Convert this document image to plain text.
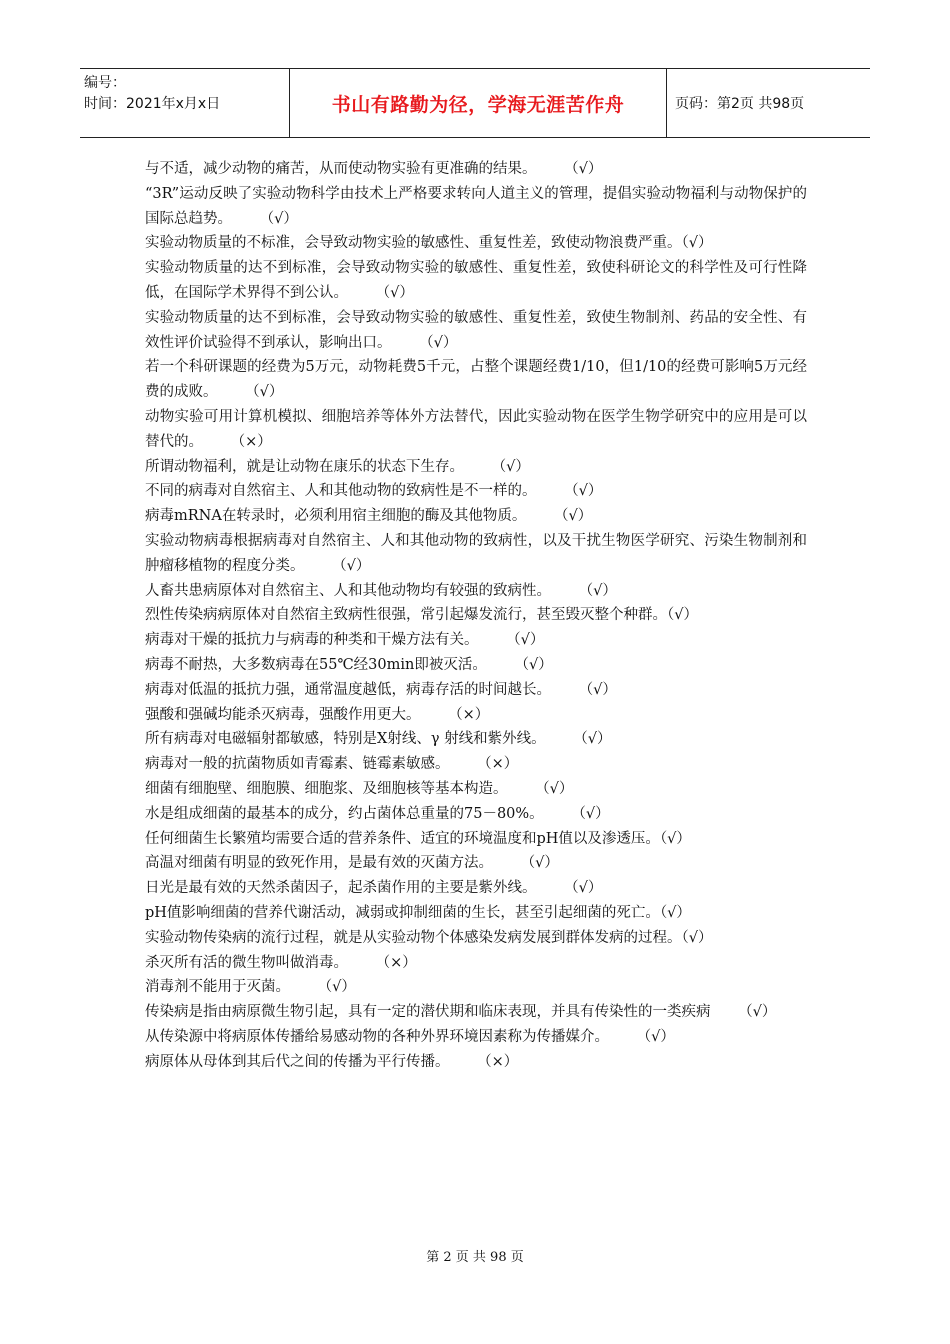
编号：
时间：2021年x月x日	书山有路勤为径，学海无涯苦作舟	页码：第2页 共98页

与不适，减少动物的痛苦，从而使动物实验有更准确的结果。      （√）

“3R”运动反映了实验动物科学由技术上严格要求转向人道主义的管理，提倡实验动物福利与动物保护的国际总趋势。      （√）

实验动物质量的不标准，会导致动物实验的敏感性、重复性差，致使动物浪费严重。（√）

实验动物质量的达不到标准，会导致动物实验的敏感性、重复性差，致使科研论文的科学性及可行性降低，在国际学术界得不到公认。      （√）

实验动物质量的达不到标准，会导致动物实验的敏感性、重复性差，致使生物制剂、药品的安全性、有效性评价试验得不到承认，影响出口。      （√）

若一个科研课题的经费为5万元，动物耗费5千元，占整个课题经费1/10，但1/10的经费可影响5万元经费的成败。      （√）

动物实验可用计算机模拟、细胞培养等体外方法替代，因此实验动物在医学生物学研究中的应用是可以替代的。      （×）

所谓动物福利，就是让动物在康乐的状态下生存。      （√）

不同的病毒对自然宿主、人和其他动物的致病性是不一样的。      （√）

病毒mRNA在转录时，必须利用宿主细胞的酶及其他物质。      （√）

实验动物病毒根据病毒对自然宿主、人和其他动物的致病性，以及干扰生物医学研究、污染生物制剂和肿瘤移植物的程度分类。      （√）

人畜共患病原体对自然宿主、人和其他动物均有较强的致病性。      （√）

烈性传染病病原体对自然宿主致病性很强，常引起爆发流行，甚至毁灭整个种群。（√）

病毒对干燥的抵抗力与病毒的种类和干燥方法有关。      （√）

病毒不耐热，大多数病毒在55℃经30min即被灭活。      （√）

病毒对低温的抵抗力强，通常温度越低，病毒存活的时间越长。      （√）

强酸和强碱均能杀灭病毒，强酸作用更大。      （×）

所有病毒对电磁辐射都敏感，特别是X射线、γ 射线和紫外线。      （√）

病毒对一般的抗菌物质如青霉素、链霉素敏感。      （×）

细菌有细胞壁、细胞膜、细胞浆、及细胞核等基本构造。      （√）

水是组成细菌的最基本的成分，约占菌体总重量的75－80%。      （√）

任何细菌生长繁殖均需要合适的营养条件、适宜的环境温度和pH值以及渗透压。（√）

高温对细菌有明显的致死作用，是最有效的灭菌方法。      （√）

日光是最有效的天然杀菌因子，起杀菌作用的主要是紫外线。      （√）

pH值影响细菌的营养代谢活动，减弱或抑制细菌的生长，甚至引起细菌的死亡。（√）

实验动物传染病的流行过程，就是从实验动物个体感染发病发展到群体发病的过程。（√）

杀灭所有活的微生物叫做消毒。      （×）

消毒剂不能用于灭菌。      （√）

传染病是指由病原微生物引起，具有一定的潜伏期和临床表现，并具有传染性的一类疾病      （√）

从传染源中将病原体传播给易感动物的各种外界环境因素称为传播媒介。      （√）

病原体从母体到其后代之间的传播为平行传播。      （×）

第 2 页 共 98 页
